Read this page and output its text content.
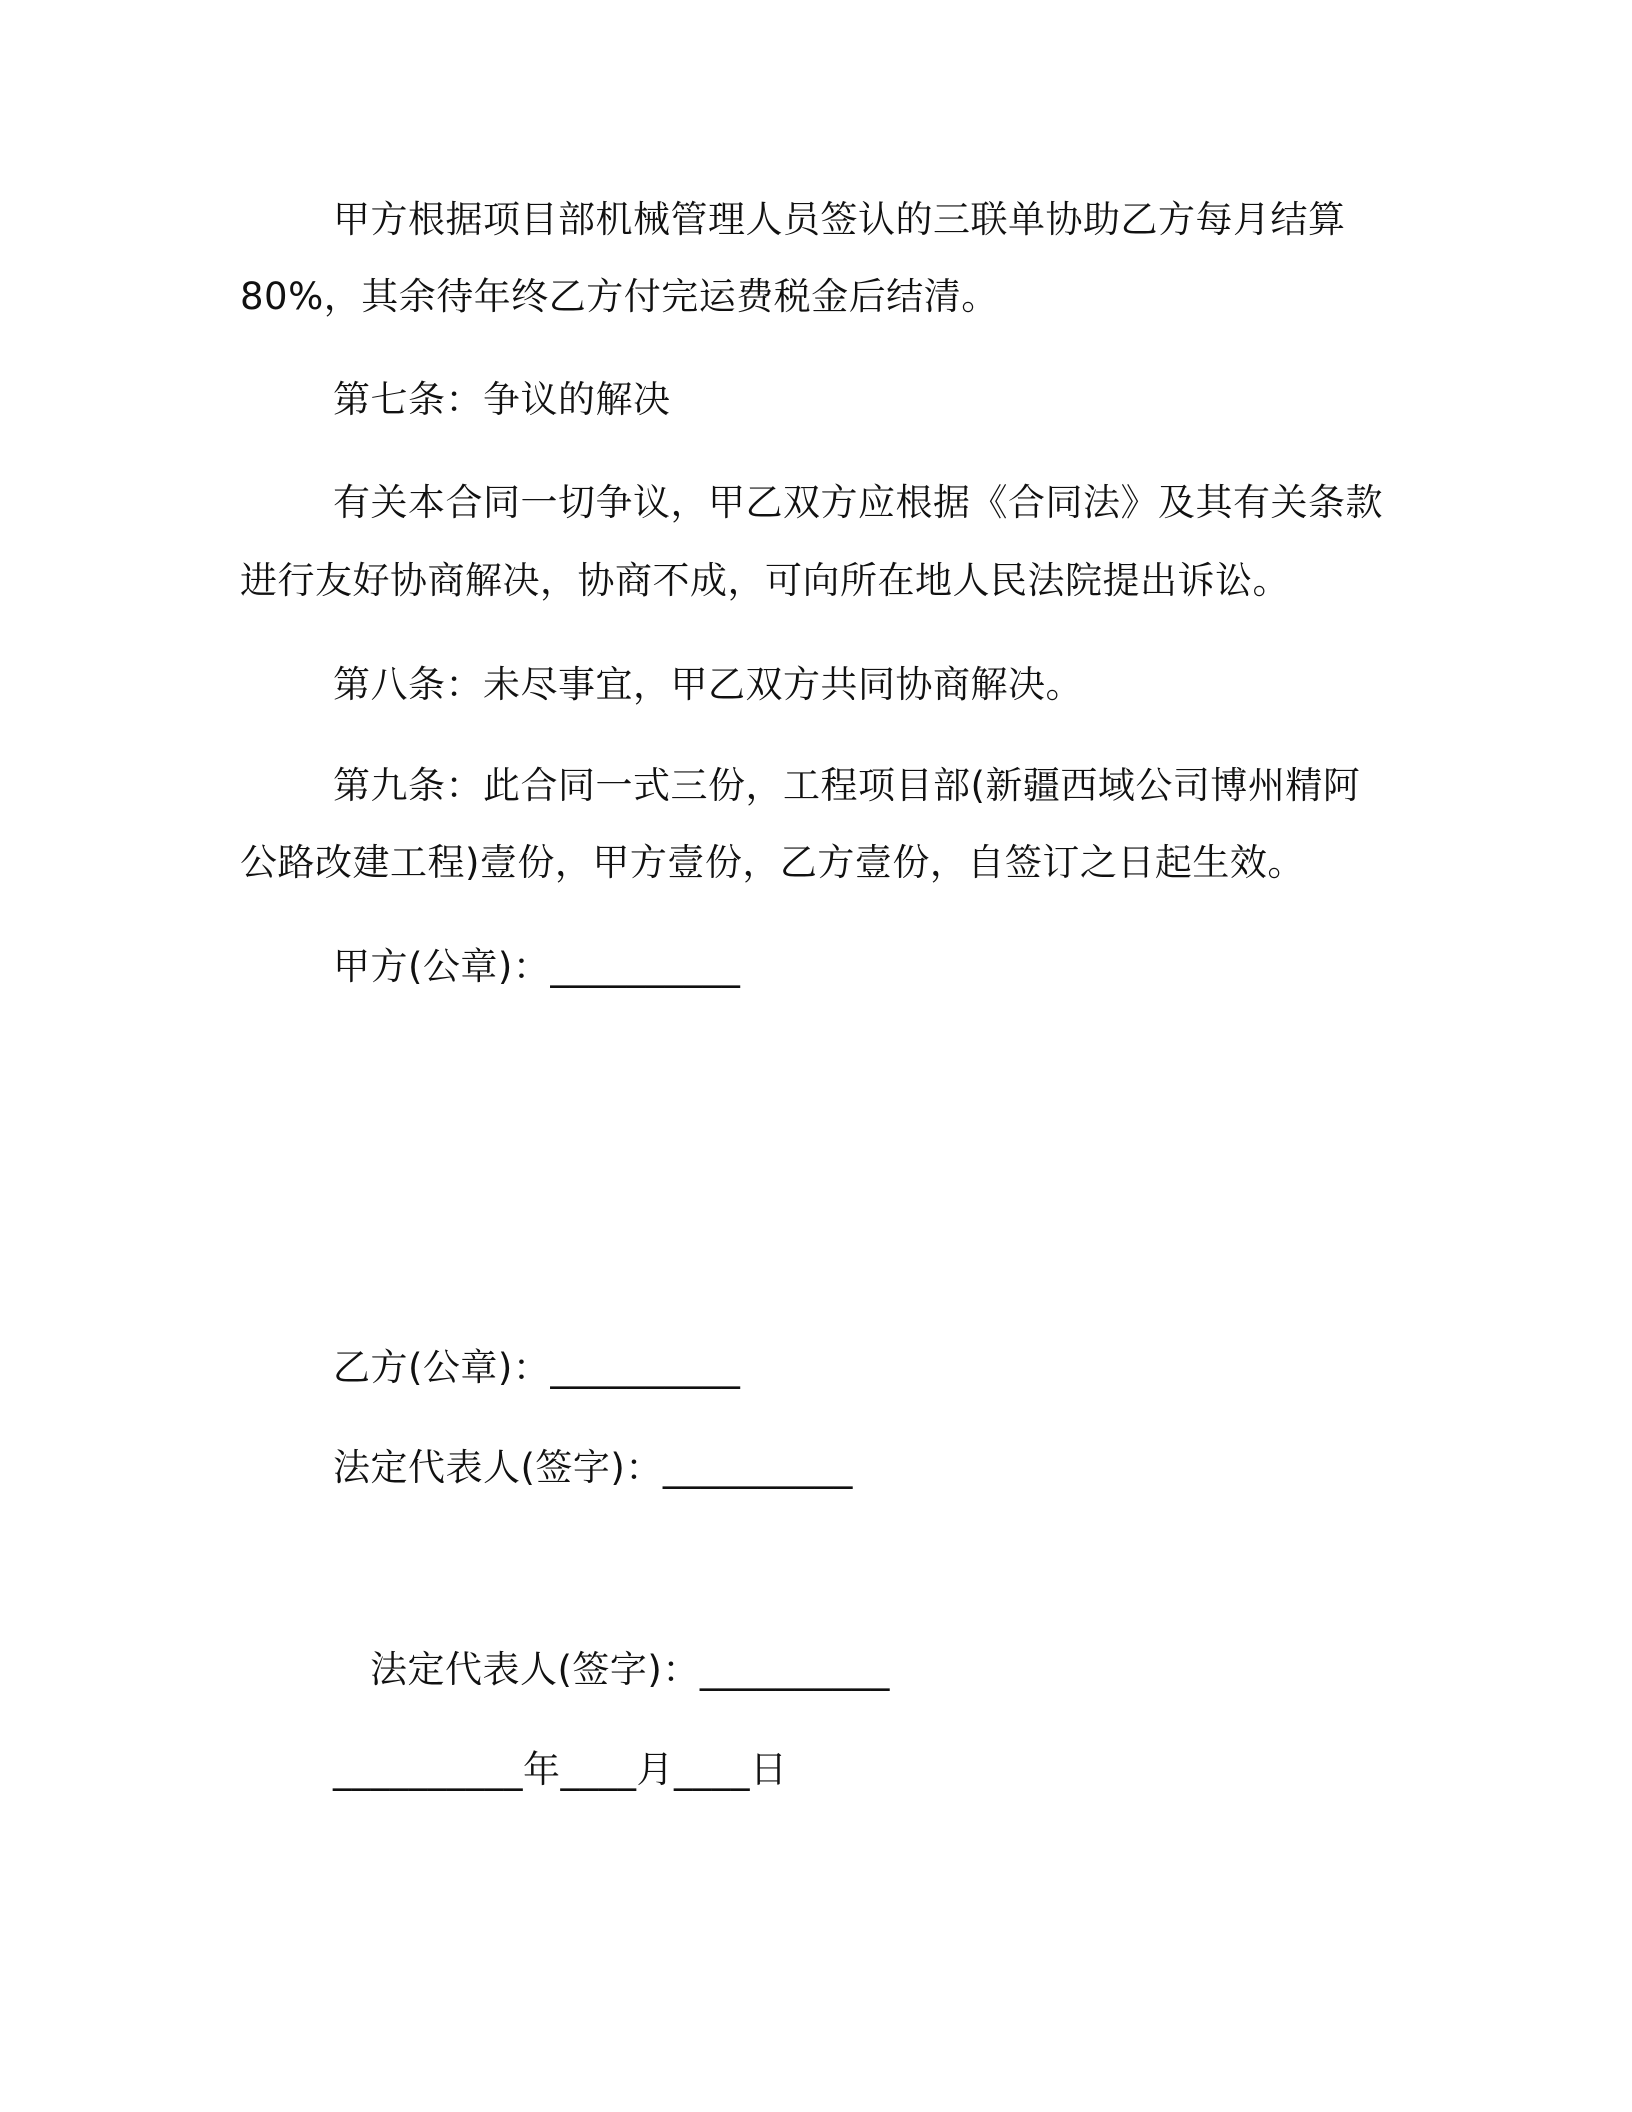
甲方根据项目部机械管理人员签认的三联单协助乙方每月结算
80%，其余待年终乙方付完运费税金后结清。
第七条：争议的解决
有关本合同一切争议，甲乙双方应根据《合同法》及其有关条款
进行友好协商解决，协商不成，可向所在地人民法院提出诉讼。
第八条：未尽事宜，甲乙双方共同协商解决。
第九条：此合同一式三份，工程项目部(新疆西域公司博州精阿
公路改建工程)壹份，甲方壹份，乙方壹份，自签订之日起生效。
甲方(公章)：__________
乙方(公章)：__________
法定代表人(签字)：__________
法定代表人(签字)：__________
__________年____月____日
